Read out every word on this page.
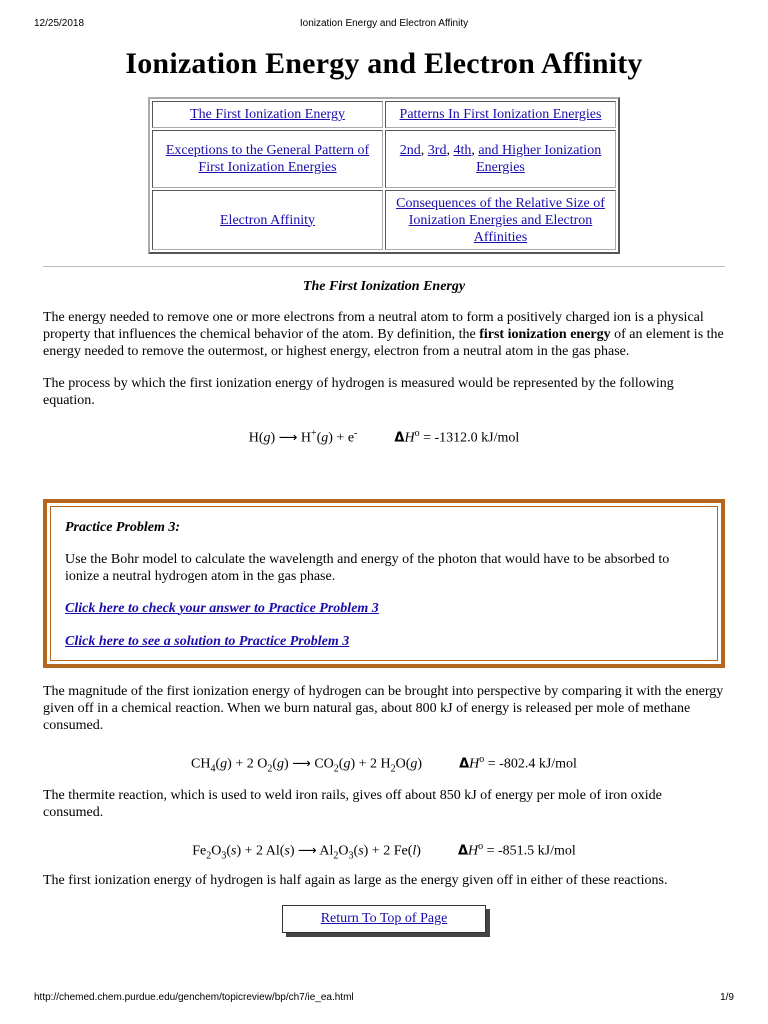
12/25/2018	Ionization Energy and Electron Affinity
Ionization Energy and Electron Affinity
The First Ionization Energy	Patterns In First Ionization Energies
Exceptions to the General Pattern of First Ionization Energies	2nd, 3rd, 4th, and Higher Ionization Energies
Electron Affinity	Consequences of the Relative Size of Ionization Energies and Electron Affinities
The First Ionization Energy

The energy needed to remove one or more electrons from a neutral atom to form a positively charged ion is a physical property that influences the chemical behavior of the atom. By definition, the first ionization energy of an element is the energy needed to remove the outermost, or highest energy, electron from a neutral atom in the gas phase.

The process by which the first ionization energy of hydrogen is measured would be represented by the following equation.

H(g) ⟶ H+(g) + e-	$\Delta H^o = -1312.0$ kJ/mol

Practice Problem 3:

Use the Bohr model to calculate the wavelength and energy of the photon that would have to be absorbed to ionize a neutral hydrogen atom in the gas phase.

Click here to check your answer to Practice Problem 3

Click here to see a solution to Practice Problem 3

The magnitude of the first ionization energy of hydrogen can be brought into perspective by comparing it with the energy given off in a chemical reaction. When we burn natural gas, about 800 kJ of energy is released per mole of methane consumed.

$CH_4(g) + 2$ $O_2(g)$ ⟶ $CO_2(g) + 2$ $H_2O(g)$	$\Delta H^o = -802.4$ kJ/mol

The thermite reaction, which is used to weld iron rails, gives off about 850 kJ of energy per mole of iron oxide consumed.

$Fe_2O_3(s) + 2$ Al(s) ⟶ $Al_2O_3(s) + 2$ Fe(l)	$\Delta H^o = -851.5$ kJ/mol

The first ionization energy of hydrogen is half again as large as the energy given off in either of these reactions.

Return To Top of Page
http://chemed.chem.purdue.edu/genchem/topicreview/bp/ch7/ie_ea.html	1/9
